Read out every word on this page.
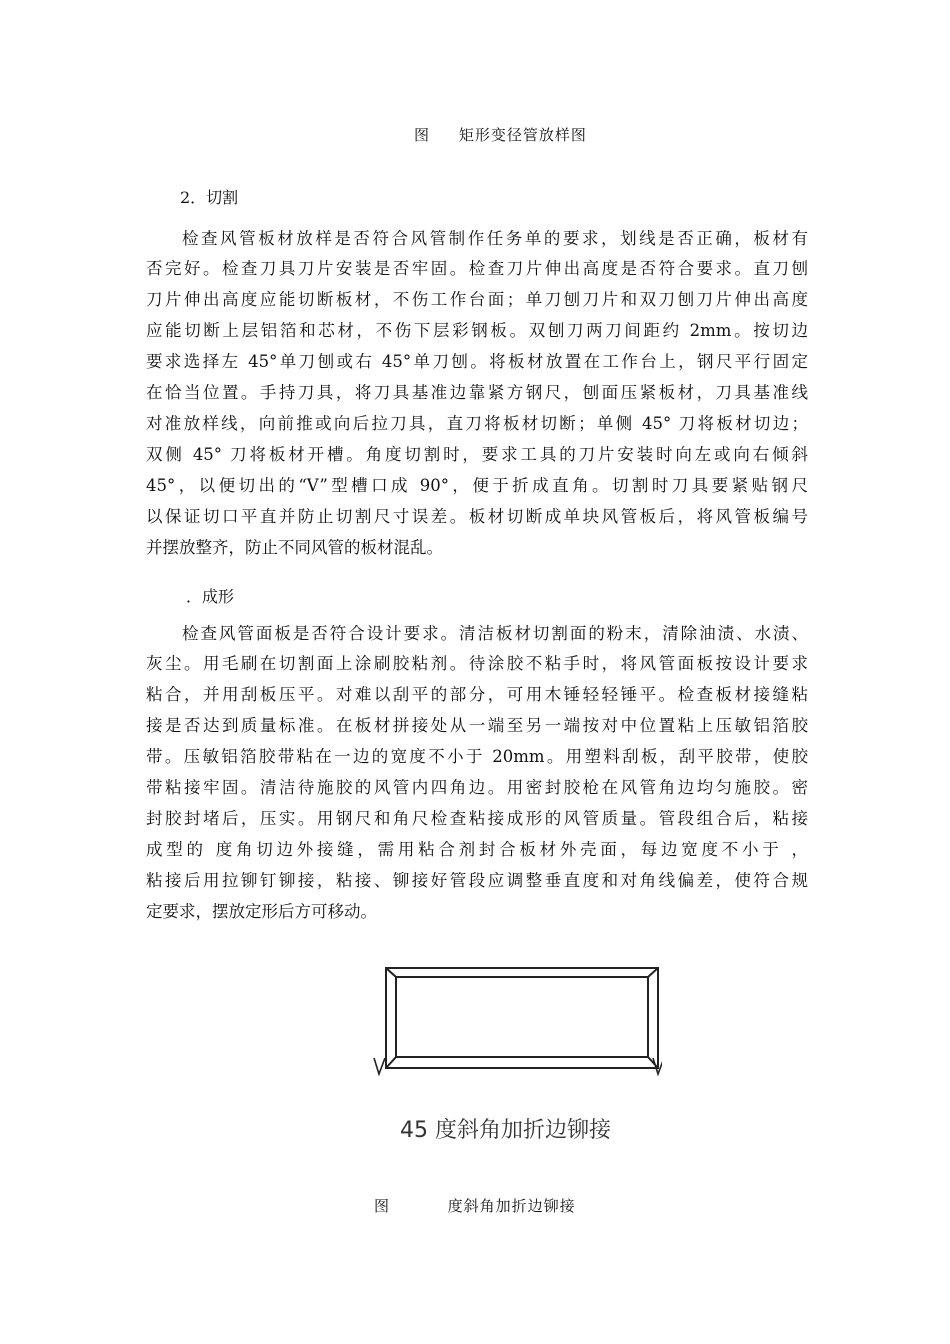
图     矩形变径管放样图
2．切割
检查风管板材放样是否符合风管制作任务单的要求，划线是否正确，板材有
否完好。检查刀具刀片安装是否牢固。检查刀片伸出高度是否符合要求。直刀刨
刀片伸出高度应能切断板材，不伤工作台面；单刀刨刀片和双刀刨刀片伸出高度
应能切断上层铝箔和芯材，不伤下层彩钢板。双刨刀两刀间距约 2mm。按切边
要求选择左 45°单刀刨或右 45°单刀刨。将板材放置在工作台上，钢尺平行固定
在恰当位置。手持刀具，将刀具基准边靠紧方钢尺，刨面压紧板材，刀具基准线
对准放样线，向前推或向后拉刀具，直刀将板材切断；单侧 45° 刀将板材切边；
双侧 45° 刀将板材开槽。角度切割时，要求工具的刀片安装时向左或向右倾斜
45°，以便切出的“V”型槽口成 90°，便于折成直角。切割时刀具要紧贴钢尺
以保证切口平直并防止切割尺寸误差。板材切断成单块风管板后，将风管板编号
并摆放整齐，防止不同风管的板材混乱。
．成形
检查风管面板是否符合设计要求。清洁板材切割面的粉末，清除油渍、水渍、
灰尘。用毛刷在切割面上涂刷胶粘剂。待涂胶不粘手时，将风管面板按设计要求
粘合，并用刮板压平。对难以刮平的部分，可用木锤轻轻锤平。检查板材接缝粘
接是否达到质量标准。在板材拼接处从一端至另一端按对中位置粘上压敏铝箔胶
带。压敏铝箔胶带粘在一边的宽度不小于 20mm。用塑料刮板，刮平胶带，使胶
带粘接牢固。清洁待施胶的风管内四角边。用密封胶枪在风管角边均匀施胶。密
封胶封堵后，压实。用钢尺和角尺检查粘接成形的风管质量。管段组合后，粘接
成型的 度角切边外接缝，需用粘合剂封合板材外壳面，每边宽度不小于 ，
粘接后用拉铆钉铆接，粘接、铆接好管段应调整垂直度和对角线偏差，使符合规
定要求，摆放定形后方可移动。
45 度斜角加折边铆接
图          度斜角加折边铆接
